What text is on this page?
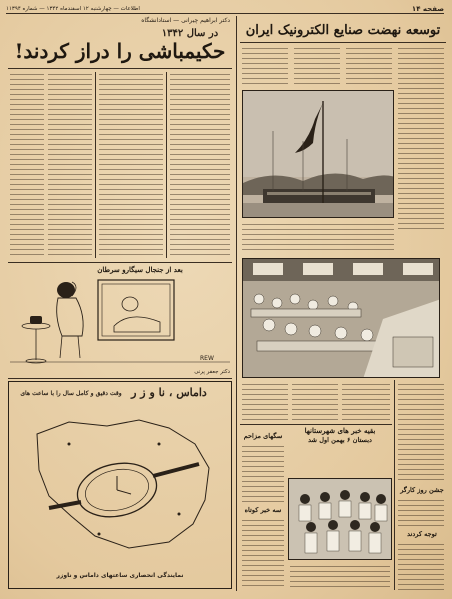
اطلاعات — چهارشنبه ۱۲ اسفند‌ماه ۱۳۴۲ — شماره ۱۱۳۹۴	صفحه ۱۴
دکتر ابراهیم چیرانی — استادانشگاه
در سال ۱۳۴۲
حکیمباشی را دراز کردند!
بعد از جنجال سیگارو سرطان
REW
دکتر جعفر پرنی
وقت دقیق و کامل سال را با ساعت های داماس ، نا و ز ر
نمایندگی انحصاری ساعتهای داماس و ناوزر
توسعه نهضت صنایع الکترونیک ایران
جشن روز کارگر
توجه کردند
بقیه خبر های شهرستانها
دبستان ۶ بهمن اول شد
سگهای مزاحم
سه خبر کوتاه
